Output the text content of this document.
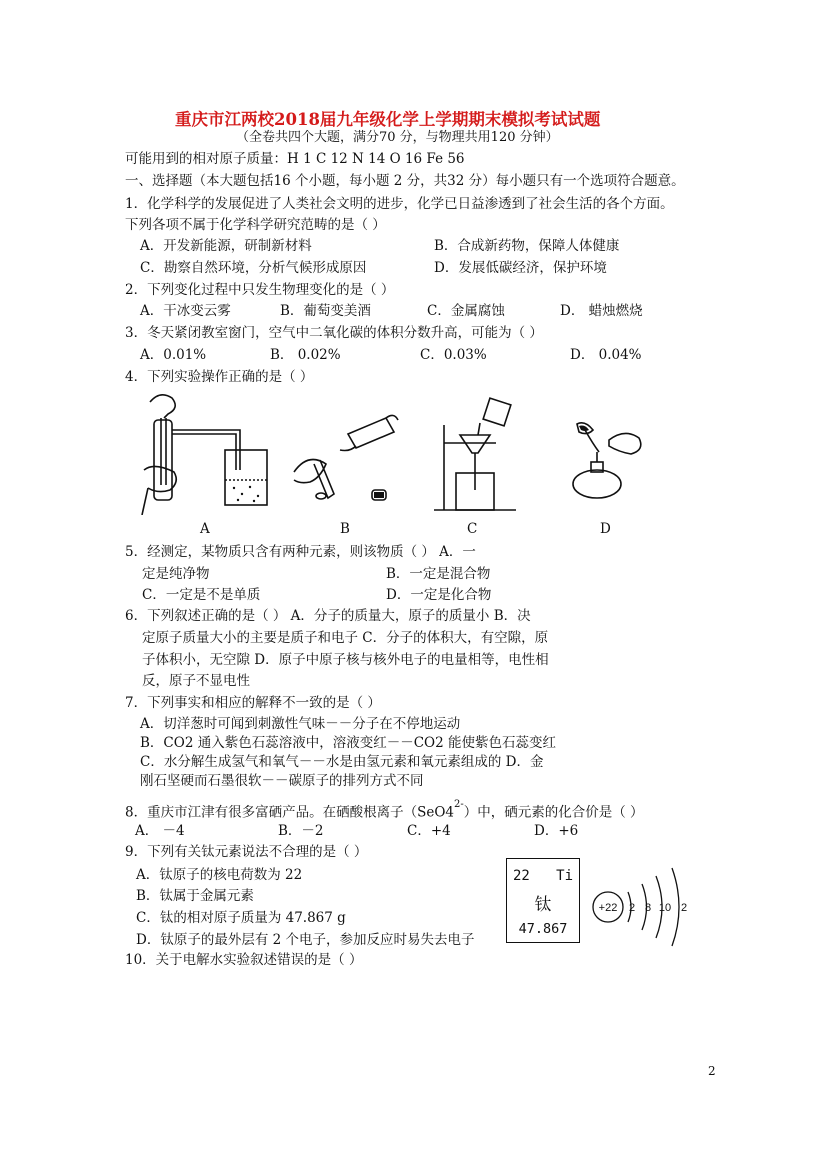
重庆市江两校2018届九年级化学上学期期末模拟考试试题
（全卷共四个大题，满分70 分，与物理共用120 分钟）
可能用到的相对原子质量：H 1 C 12 N 14 O 16 Fe 56
一、选择题（本大题包括16 个小题，每小题 2 分，共32 分）每小题只有一个选项符合题意。
1．化学科学的发展促进了人类社会文明的进步，化学已日益渗透到了社会生活的各个方面。
下列各项不属于化学科学研究范畴的是（ ）
A．开发新能源，研制新材料	B．合成新药物，保障人体健康
C．勘察自然环境，分析气候形成原因	D．发展低碳经济，保护环境
2．下列变化过程中只发生物理变化的是（ ）
A．干冰变云雾	B．葡萄变美酒	C．金属腐蚀	D． 蜡烛燃烧
3．冬天紧闭教室窗门，空气中二氧化碳的体积分数升高，可能为（ ）
A．0.01%	B． 0.02%	C．0.03%	D． 0.04%
4．下列实验操作正确的是（ ）
A	B	C	D
5．经测定，某物质只含有两种元素，则该物质（ ） A．一
定是纯净物	B．一定是混合物
C．一定是不是单质	D．一定是化合物
6．下列叙述正确的是（ ） A．分子的质量大，原子的质量小 B．决
定原子质量大小的主要是质子和电子 C．分子的体积大，有空隙，原
子体积小，无空隙 D．原子中原子核与核外电子的电量相等，电性相
反，原子不显电性
7．下列事实和相应的解释不一致的是（ ）
A．切洋葱时可闻到刺激性气味－－分子在不停地运动
B．CO2 通入紫色石蕊溶液中，溶液变红－－CO2 能使紫色石蕊变红
C．水分解生成氢气和氧气－－水是由氢元素和氧元素组成的 D．金
刚石坚硬而石墨很软－－碳原子的排列方式不同
8．重庆市江津有很多富硒产品。在硒酸根离子$(SeO4^{2-})$中，硒元素的化合价是（ ）
A． －4	B．－2	C．+4	D．+6
9．下列有关钛元素说法不合理的是（ ）
A．钛原子的核电荷数为 22
B．钛属于金属元素
C．钛的相对原子质量为 47.867 g
D．钛原子的最外层有 2 个电子，参加反应时易失去电子
22 Ti
钛
47.867
+22 2 8 10 2
10．关于电解水实验叙述错误的是（ ）
2
